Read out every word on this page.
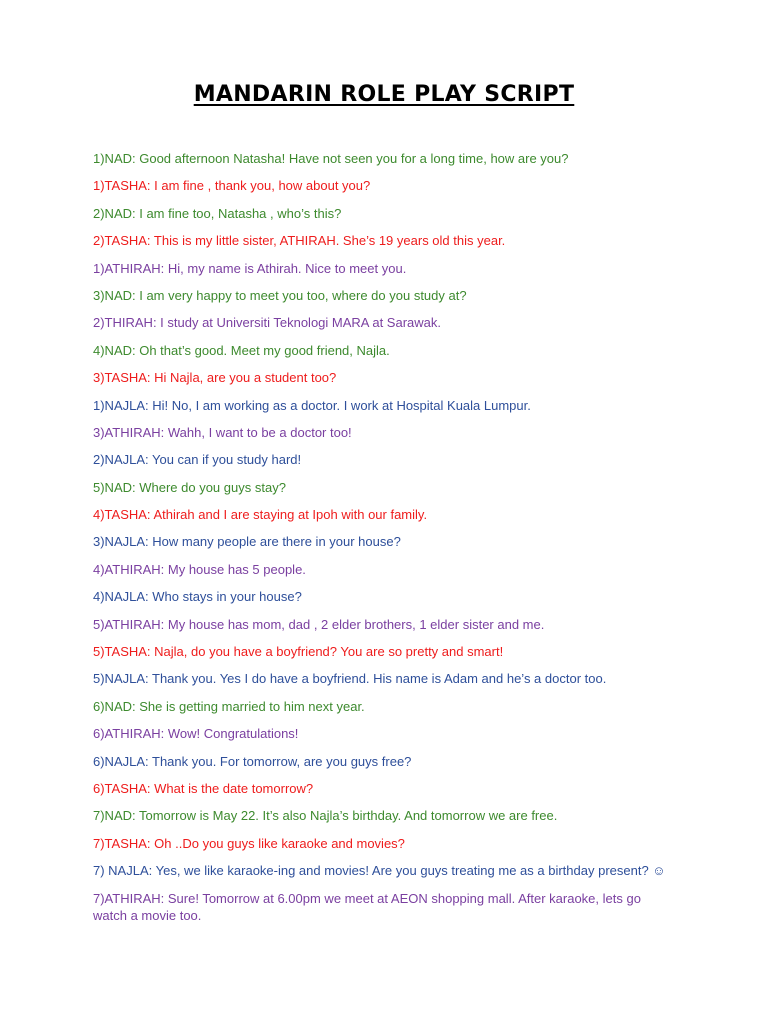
MANDARIN ROLE PLAY SCRIPT
1)NAD: Good afternoon Natasha! Have not seen you for a long time, how are you?
1)TASHA: I am fine , thank you, how about you?
2)NAD: I am fine too, Natasha , who’s this?
2)TASHA: This is my little sister, ATHIRAH. She’s 19 years old this year.
1)ATHIRAH: Hi, my name is Athirah. Nice to meet you.
3)NAD: I am very happy to meet you too, where do you study at?
2)THIRAH: I study at Universiti Teknologi MARA at Sarawak.
4)NAD: Oh that’s good. Meet my good friend, Najla.
3)TASHA: Hi Najla, are you a student too?
1)NAJLA: Hi! No, I am working as a doctor. I work at Hospital Kuala Lumpur.
3)ATHIRAH: Wahh, I want to be a doctor too!
2)NAJLA: You can if you study hard!
5)NAD: Where do you guys stay?
4)TASHA: Athirah and I are staying at Ipoh with our family.
3)NAJLA: How many people are there in your house?
4)ATHIRAH: My house has 5 people.
4)NAJLA: Who stays in your house?
5)ATHIRAH: My house has mom, dad , 2 elder brothers, 1 elder sister and me.
5)TASHA: Najla, do you have a boyfriend? You are so pretty and smart!
5)NAJLA: Thank you. Yes I do have a boyfriend. His name is Adam and he’s a doctor too.
6)NAD: She is getting married to him next year.
6)ATHIRAH: Wow! Congratulations!
6)NAJLA: Thank you. For tomorrow, are you guys free?
6)TASHA: What is the date tomorrow?
7)NAD: Tomorrow is May 22. It’s also Najla’s birthday. And tomorrow we are free.
7)TASHA: Oh ..Do you guys like karaoke and movies?
7) NAJLA: Yes, we like karaoke-ing and movies! Are you guys treating me as a birthday present? ☺
7)ATHIRAH: Sure! Tomorrow at 6.00pm we meet at AEON shopping mall. After karaoke, lets go watch a movie too.
